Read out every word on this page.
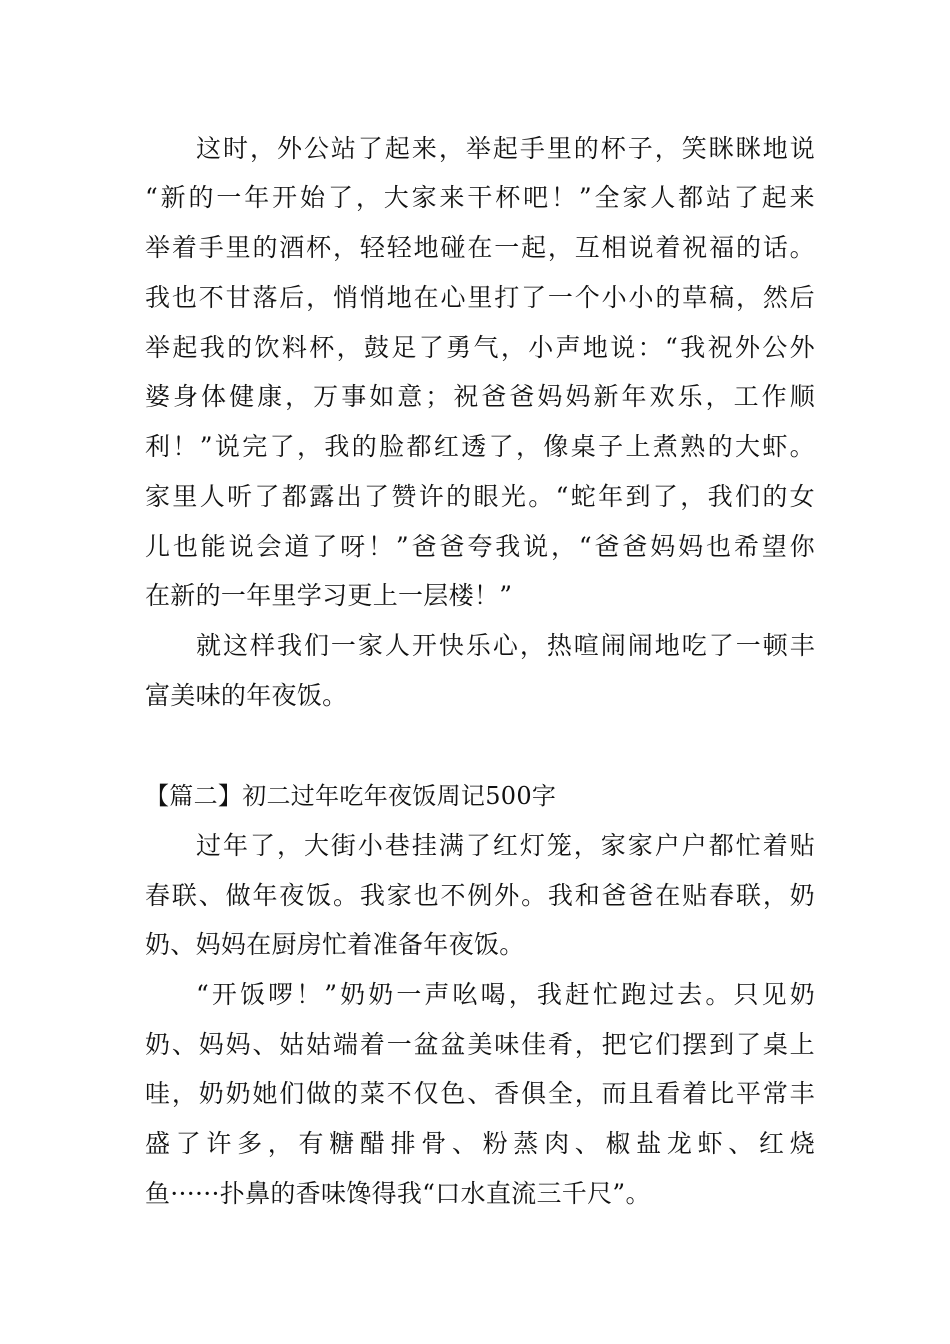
这时，外公站了起来，举起手里的杯子，笑眯眯地说
“新的一年开始了，大家来干杯吧！”全家人都站了起来
举着手里的酒杯，轻轻地碰在一起，互相说着祝福的话。
我也不甘落后，悄悄地在心里打了一个小小的草稿，然后
举起我的饮料杯，鼓足了勇气，小声地说：“我祝外公外
婆身体健康，万事如意；祝爸爸妈妈新年欢乐，工作顺
利！”说完了，我的脸都红透了，像桌子上煮熟的大虾。
家里人听了都露出了赞许的眼光。“蛇年到了，我们的女
儿也能说会道了呀！”爸爸夸我说，“爸爸妈妈也希望你
在新的一年里学习更上一层楼！”
就这样我们一家人开快乐心，热喧闹闹地吃了一顿丰
富美味的年夜饭。
【篇二】初二过年吃年夜饭周记500字
过年了，大街小巷挂满了红灯笼，家家户户都忙着贴
春联、做年夜饭。我家也不例外。我和爸爸在贴春联，奶
奶、妈妈在厨房忙着准备年夜饭。
“开饭啰！”奶奶一声吆喝，我赶忙跑过去。只见奶
奶、妈妈、姑姑端着一盆盆美味佳肴，把它们摆到了桌上
哇，奶奶她们做的菜不仅色、香俱全，而且看着比平常丰
盛了许多，有糖醋排骨、粉蒸肉、椒盐龙虾、红烧
鱼······扑鼻的香味馋得我“口水直流三千尺”。
